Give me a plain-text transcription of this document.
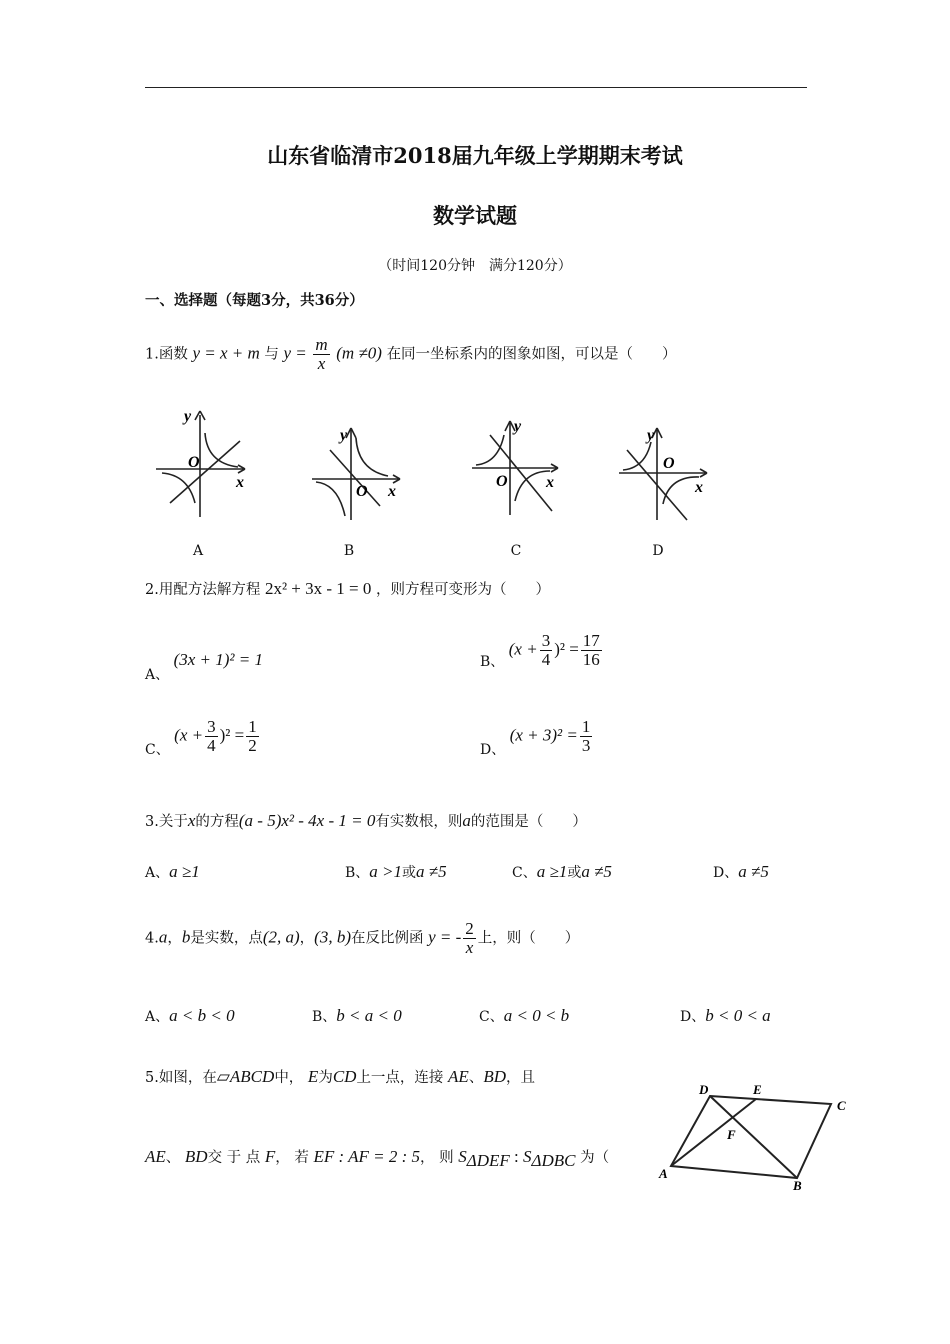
山东省临清市2018届九年级上学期期末考试
数学试题
（时间120分钟　满分120分）
一、选择题（每题3分，共36分）
1.函数 y = x + m 与 $y = \frac{m}{x} (m \ne 0)$ 在同一坐标系内的图象如图，可以是（　　）
y
O
x
y
O x
y
O x
y
O
x
A	B	C	D
2.用配方法解方程 2x² + 3x - 1 = 0 ，则方程可变形为（　　）
A、 (3x + 1)² = 1	B、 $(x + \frac{3}{4} )^2 = \frac{17}{16}$
C、 $(x + \frac{3}{4} )^2 = \frac{1}{2}$	D、 $(x + 3)^2 = \frac{1}{3}$
3.关于x的方程(a - 5)x² - 4x - 1 = 0有实数根，则a的范围是（　　）
A、a ≥1	B、a >1或a ≠5	C、a ≥1或a ≠5	D、a ≠5
4.a，b是实数，点(2, a)，(3, b)在反比例函 y = - $\frac{2}{x}$ 上，则（　　）
A、a < b < 0	B、b < a < 0	C、a < 0 < b	D、b < 0 < a
5.如图，在▱ABCD中， E为CD上一点，连接 AE、BD，且
AE、 BD交 于 点 F， 若 EF : AF = 2 : 5， 则 $S_{\Delta DEF}$ : $S_{\Delta DBC}$ 为（
D	E
C
F
A
B
